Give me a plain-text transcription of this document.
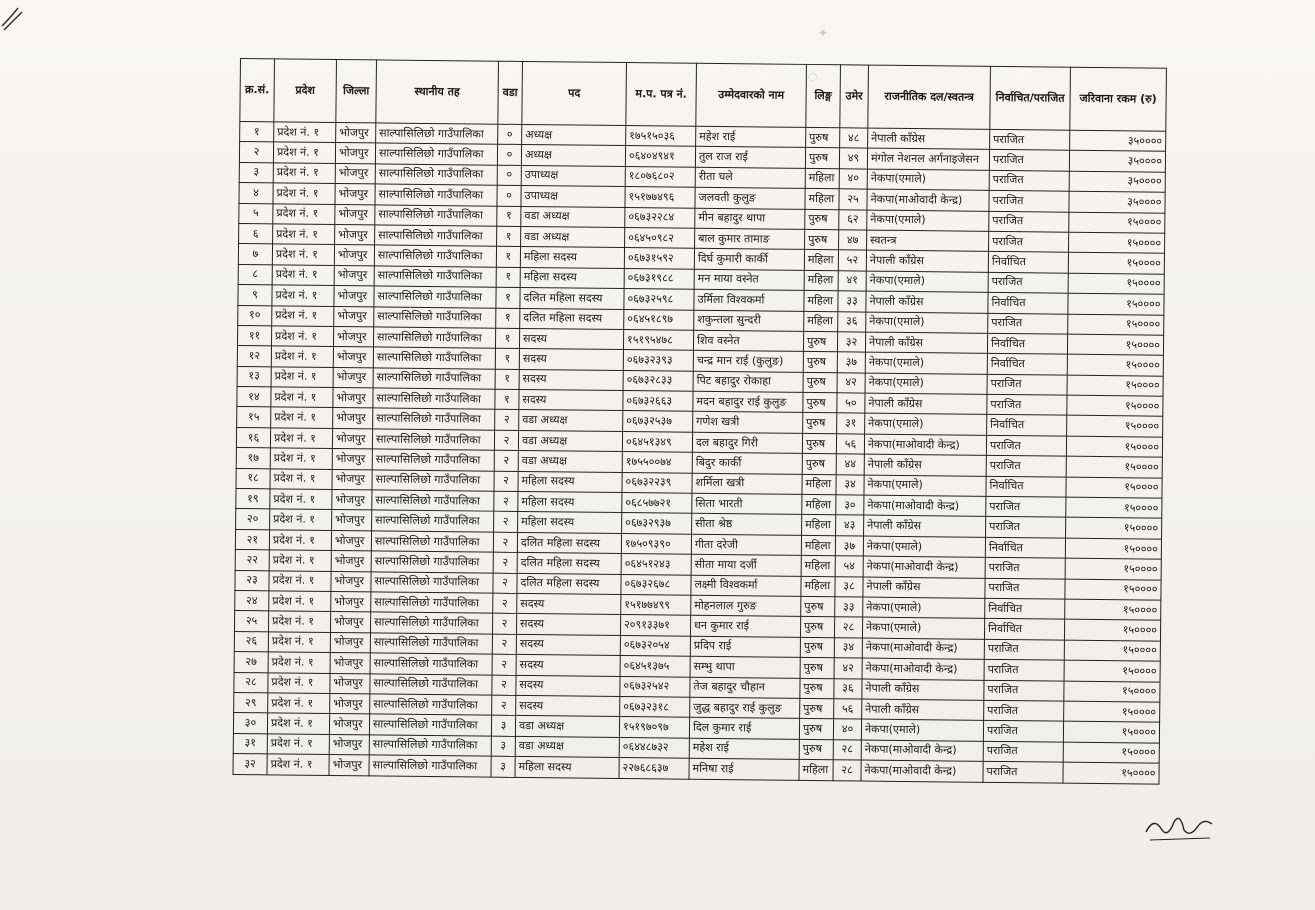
✦
◌
क्र.सं.	प्रदेश	जिल्ला	स्थानीय तह	वडा	पद	म.प. पत्र नं.	उम्मेदवारको नाम	लिङ्ग	उमेर	राजनीतिक दल/स्वतन्त्र	निर्वाचित/पराजित	जरिवाना रकम (रु)
१	प्रदेश नं. १	भोजपुर	साल्पासिलिछो गाउँपालिका	०	अध्यक्ष	१७५१५०३६	महेश राई	पुरुष	४८	नेपाली काँग्रेस	पराजित	३५००००
२	प्रदेश नं. १	भोजपुर	साल्पासिलिछो गाउँपालिका	०	अध्यक्ष	०६४०४९४१	तुल राज राई	पुरुष	४९	मंगोल नेशनल अर्गनाइजेसन	पराजित	३५००००
३	प्रदेश नं. १	भोजपुर	साल्पासिलिछो गाउँपालिका	०	उपाध्यक्ष	१८०७६८०२	रीता घले	महिला	४०	नेकपा(एमाले)	पराजित	३५००००
४	प्रदेश नं. १	भोजपुर	साल्पासिलिछो गाउँपालिका	०	उपाध्यक्ष	१५१७७४९६	जलवती कुलुङ	महिला	२५	नेकपा(माओवादी केन्द्र)	पराजित	३५००००
५	प्रदेश नं. १	भोजपुर	साल्पासिलिछो गाउँपालिका	१	वडा अध्यक्ष	०६७३२२८४	मीन बहादुर थापा	पुरुष	६२	नेकपा(एमाले)	पराजित	१५००००
६	प्रदेश नं. १	भोजपुर	साल्पासिलिछो गाउँपालिका	१	वडा अध्यक्ष	०६४५०९८२	बाल कुमार तामाङ	पुरुष	४७	स्वतन्त्र	पराजित	१५००००
७	प्रदेश नं. १	भोजपुर	साल्पासिलिछो गाउँपालिका	१	महिला सदस्य	०६७३१५९२	दिर्घ कुमारी कार्की	महिला	५२	नेपाली काँग्रेस	निर्वाचित	१५००००
८	प्रदेश नं. १	भोजपुर	साल्पासिलिछो गाउँपालिका	१	महिला सदस्य	०६७३१९८८	मन माया वस्नेत	महिला	४१	नेकपा(एमाले)	पराजित	१५००००
९	प्रदेश नं. १	भोजपुर	साल्पासिलिछो गाउँपालिका	१	दलित महिला सदस्य	०६७३२५९८	उर्मिला विश्वकर्मा	महिला	३३	नेपाली काँग्रेस	निर्वाचित	१५००००
१०	प्रदेश नं. १	भोजपुर	साल्पासिलिछो गाउँपालिका	१	दलित महिला सदस्य	०६४५१८९७	शकुन्तला सुन्दरी	महिला	३६	नेकपा(एमाले)	पराजित	१५००००
११	प्रदेश नं. १	भोजपुर	साल्पासिलिछो गाउँपालिका	१	सदस्य	१५१९५४७८	शिव वस्नेत	पुरुष	३२	नेपाली काँग्रेस	निर्वाचित	१५००००
१२	प्रदेश नं. १	भोजपुर	साल्पासिलिछो गाउँपालिका	१	सदस्य	०६७३२३९३	चन्द्र मान राई (कुलुङ)	पुरुष	३७	नेकपा(एमाले)	निर्वाचित	१५००००
१३	प्रदेश नं. १	भोजपुर	साल्पासिलिछो गाउँपालिका	१	सदस्य	०६७३२८३३	पिट बहादुर रोकाहा	पुरुष	४२	नेकपा(एमाले)	पराजित	१५००००
१४	प्रदेश नं. १	भोजपुर	साल्पासिलिछो गाउँपालिका	१	सदस्य	०६७३२६६३	मदन बहादुर राई कुलुङ	पुरुष	५०	नेपाली काँग्रेस	पराजित	१५००००
१५	प्रदेश नं. १	भोजपुर	साल्पासिलिछो गाउँपालिका	२	वडा अध्यक्ष	०६७३२५३७	गणेश खत्री	पुरुष	३१	नेकपा(एमाले)	निर्वाचित	१५००००
१६	प्रदेश नं. १	भोजपुर	साल्पासिलिछो गाउँपालिका	२	वडा अध्यक्ष	०६४५१३४९	दल बहादुर गिरी	पुरुष	५६	नेकपा(माओवादी केन्द्र)	पराजित	१५००००
१७	प्रदेश नं. १	भोजपुर	साल्पासिलिछो गाउँपालिका	२	वडा अध्यक्ष	१७५५००७४	बिदुर कार्की	पुरुष	४४	नेपाली काँग्रेस	पराजित	१५००००
१८	प्रदेश नं. १	भोजपुर	साल्पासिलिछो गाउँपालिका	२	महिला सदस्य	०६७३२२३९	शर्मिला खत्री	महिला	३४	नेकपा(एमाले)	निर्वाचित	१५००००
१९	प्रदेश नं. १	भोजपुर	साल्पासिलिछो गाउँपालिका	२	महिला सदस्य	०६८५७७२१	सिता भारती	महिला	३०	नेकपा(माओवादी केन्द्र)	पराजित	१५००००
२०	प्रदेश नं. १	भोजपुर	साल्पासिलिछो गाउँपालिका	२	महिला सदस्य	०६७३२९३७	सीता श्रेष्ठ	महिला	४३	नेपाली काँग्रेस	पराजित	१५००००
२१	प्रदेश नं. १	भोजपुर	साल्पासिलिछो गाउँपालिका	२	दलित महिला सदस्य	१७५०९३९०	गीता दरेजी	महिला	३७	नेकपा(एमाले)	निर्वाचित	१५००००
२२	प्रदेश नं. १	भोजपुर	साल्पासिलिछो गाउँपालिका	२	दलित महिला सदस्य	०६४५१२४३	सीता माया दर्जी	महिला	५४	नेकपा(माओवादी केन्द्र)	पराजित	१५००००
२३	प्रदेश नं. १	भोजपुर	साल्पासिलिछो गाउँपालिका	२	दलित महिला सदस्य	०६७३२६७८	लक्ष्मी विश्वकर्मा	महिला	३८	नेपाली काँग्रेस	पराजित	१५००००
२४	प्रदेश नं. १	भोजपुर	साल्पासिलिछो गाउँपालिका	२	सदस्य	१५१७७४९९	मोहनलाल गुरुङ	पुरुष	३३	नेकपा(एमाले)	निर्वाचित	१५००००
२५	प्रदेश नं. १	भोजपुर	साल्पासिलिछो गाउँपालिका	२	सदस्य	२०९१३३७१	धन कुमार राई	पुरुष	२८	नेकपा(एमाले)	निर्वाचित	१५००००
२६	प्रदेश नं. १	भोजपुर	साल्पासिलिछो गाउँपालिका	२	सदस्य	०६७३२०५४	प्रदिप राई	पुरुष	३४	नेकपा(माओवादी केन्द्र)	पराजित	१५००००
२७	प्रदेश नं. १	भोजपुर	साल्पासिलिछो गाउँपालिका	२	सदस्य	०६४५१३७५	सम्भु थापा	पुरुष	४२	नेकपा(माओवादी केन्द्र)	पराजित	१५००००
२८	प्रदेश नं. १	भोजपुर	साल्पासिलिछो गाउँपालिका	२	सदस्य	०६७३२५४२	तेज बहादुर चौहान	पुरुष	३६	नेपाली काँग्रेस	पराजित	१५००००
२९	प्रदेश नं. १	भोजपुर	साल्पासिलिछो गाउँपालिका	२	सदस्य	०६७३२३१८	जुद्ध बहादुर राई कुलुङ	पुरुष	५६	नेपाली काँग्रेस	पराजित	१५००००
३०	प्रदेश नं. १	भोजपुर	साल्पासिलिछो गाउँपालिका	३	वडा अध्यक्ष	१५१९७०९७	दिल कुमार राई	पुरुष	४०	नेकपा(एमाले)	पराजित	१५००००
३१	प्रदेश नं. १	भोजपुर	साल्पासिलिछो गाउँपालिका	३	वडा अध्यक्ष	०६४४८७३२	महेश राई	पुरुष	२८	नेकपा(माओवादी केन्द्र)	पराजित	१५००००
३२	प्रदेश नं. १	भोजपुर	साल्पासिलिछो गाउँपालिका	३	महिला सदस्य	२२७६८६३७	मनिषा राई	महिला	२८	नेकपा(माओवादी केन्द्र)	पराजित	१५००००
